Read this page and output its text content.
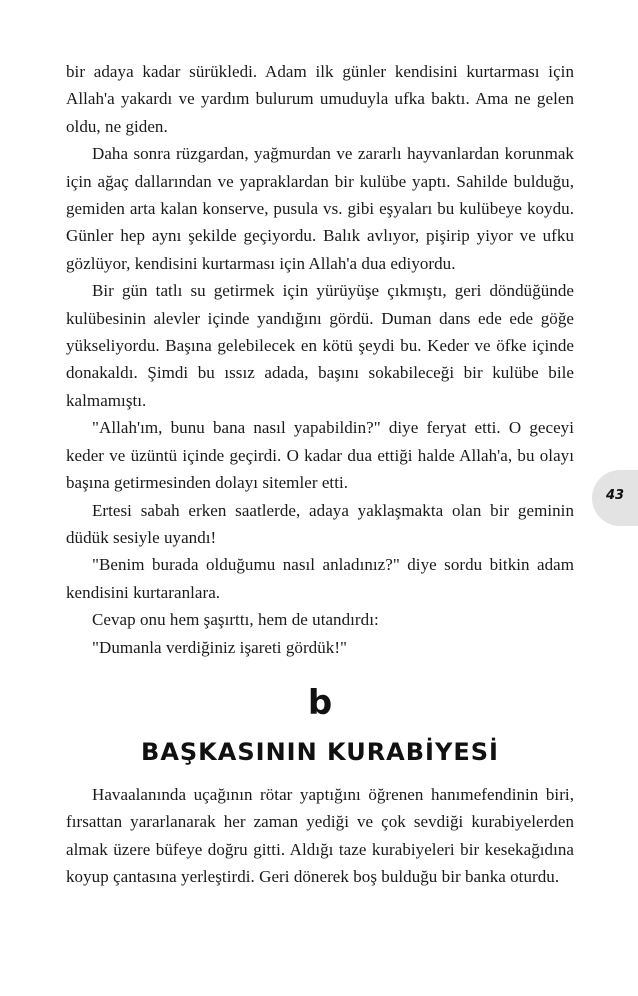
bir adaya kadar sürükledi. Adam ilk günler kendisini kurtarması için Allah'a yakardı ve yardım bulurum umuduyla ufka baktı. Ama ne gelen oldu, ne giden.

Daha sonra rüzgardan, yağmurdan ve zararlı hayvanlardan korunmak için ağaç dallarından ve yapraklardan bir kulübe yaptı. Sahilde bulduğu, gemiden arta kalan konserve, pusula vs. gibi eşyaları bu kulübeye koydu. Günler hep aynı şekilde geçiyordu. Balık avlıyor, pişirip yiyor ve ufku gözlüyor, kendisini kurtarması için Allah'a dua ediyordu.

Bir gün tatlı su getirmek için yürüyüşe çıkmıştı, geri döndüğünde kulübesinin alevler içinde yandığını gördü. Duman dans ede ede göğe yükseliyordu. Başına gelebilecek en kötü şeydi bu. Keder ve öfke içinde donakaldı. Şimdi bu ıssız adada, başını sokabileceği bir kulübe bile kalmamıştı.

"Allah'ım, bunu bana nasıl yapabildin?" diye feryat etti. O geceyi keder ve üzüntü içinde geçirdi. O kadar dua ettiği halde Allah'a, bu olayı başına getirmesinden dolayı sitemler etti.

Ertesi sabah erken saatlerde, adaya yaklaşmakta olan bir geminin düdük sesiyle uyandı!

"Benim burada olduğumu nasıl anladınız?" diye sordu bitkin adam kendisini kurtaranlara.

Cevap onu hem şaşırttı, hem de utandırdı:

"Dumanla verdiğiniz işareti gördük!"

b
BAŞKASININ KURABİYESİ

Havaalanında uçağının rötar yaptığını öğrenen hanımefendinin biri, fırsattan yararlanarak her zaman yediği ve çok sevdiği kurabiyelerden almak üzere büfeye doğru gitti. Aldığı taze kurabiyeleri bir kesekağıdına koyup çantasına yerleştirdi. Geri dönerek boş bulduğu bir banka oturdu.

43
